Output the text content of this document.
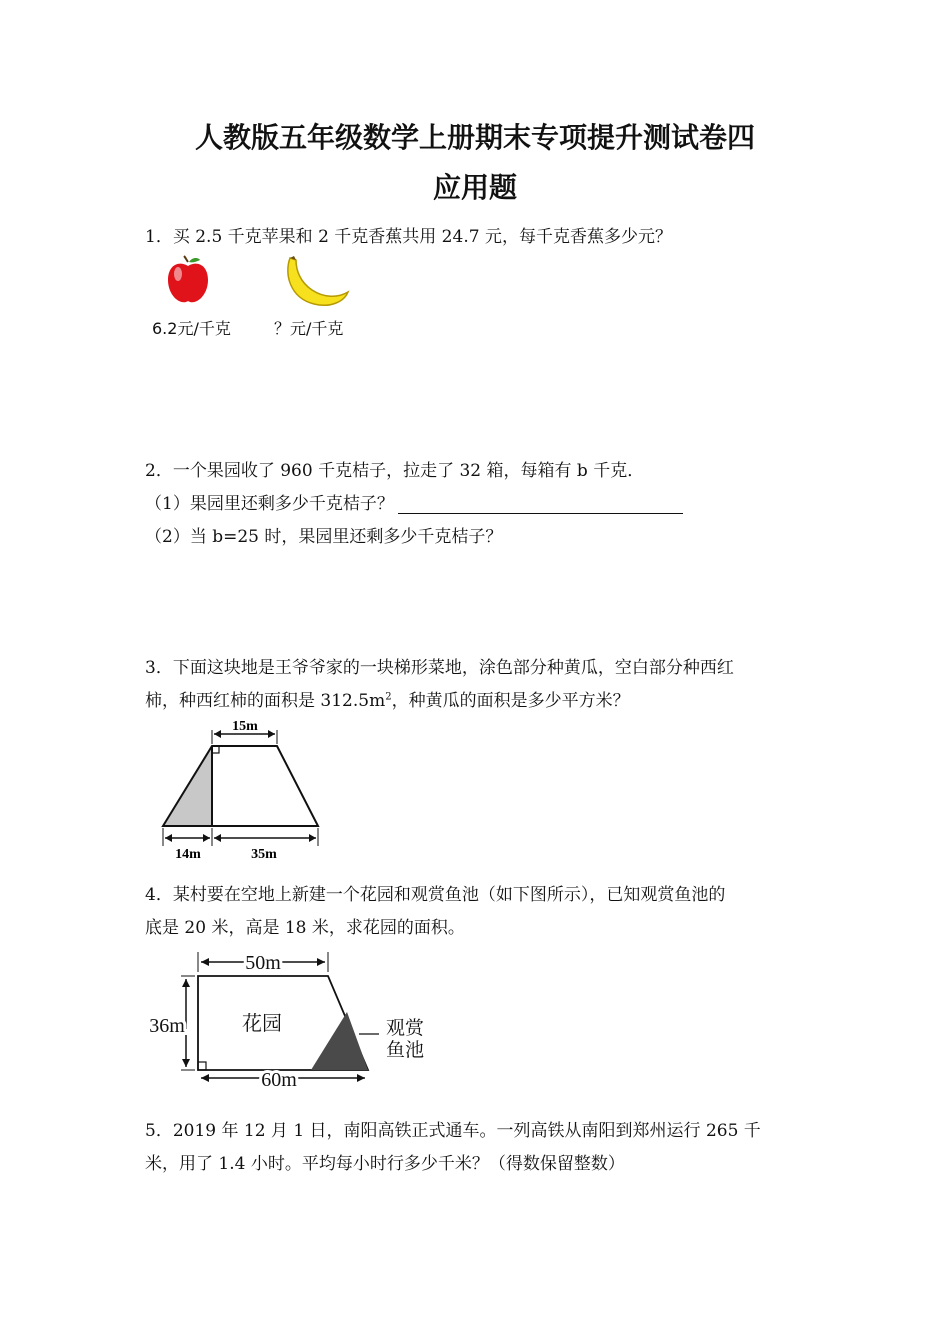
人教版五年级数学上册期末专项提升测试卷四
应用题
1．买 2.5 千克苹果和 2 千克香蕉共用 24.7 元，每千克香蕉多少元？
6.2元/千克	？元/千克
2．一个果园收了 960 千克桔子，拉走了 32 箱，每箱有 b 千克．
（1）果园里还剩多少千克桔子？
（2）当 b=25 时，果园里还剩多少千克桔子？
3．下面这块地是王爷爷家的一块梯形菜地，涂色部分种黄瓜，空白部分种西红
柿，种西红柿的面积是 $312.5m^2$，种黄瓜的面积是多少平方米？
15m
14m	35m
4．某村要在空地上新建一个花园和观赏鱼池（如下图所示），已知观赏鱼池的
底是 20 米，高是 18 米，求花园的面积。
50m
36m
60m
花园	观赏
鱼池
5．2019 年 12 月 1 日，南阳高铁正式通车。一列高铁从南阳到郑州运行 265 千
米，用了 1.4 小时。平均每小时行多少千米？（得数保留整数）
